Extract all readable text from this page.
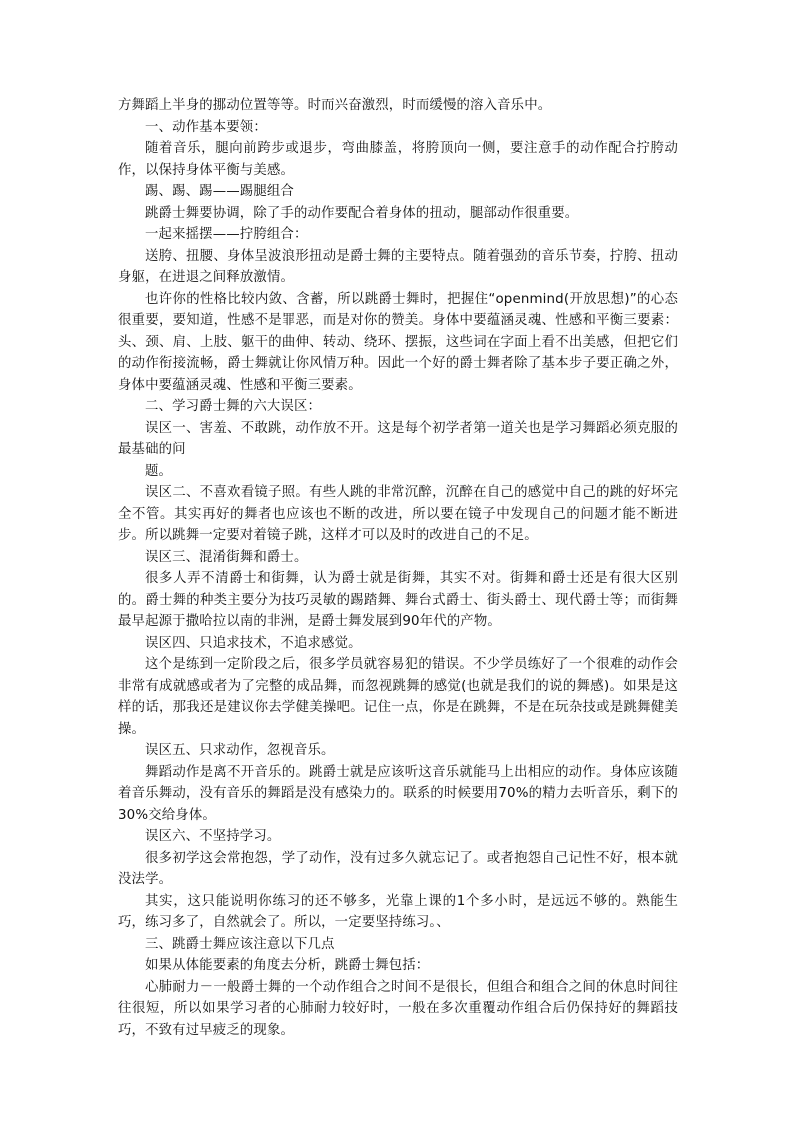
方舞蹈上半身的挪动位置等等。时而兴奋激烈，时而缓慢的溶入音乐中。

一、动作基本要领：

随着音乐，腿向前跨步或退步，弯曲膝盖，将胯顶向一侧，要注意手的动作配合拧胯动作，以保持身体平衡与美感。

踢、踢、踢——踢腿组合

跳爵士舞要协调，除了手的动作要配合着身体的扭动，腿部动作很重要。

一起来摇摆——拧胯组合：

送胯、扭腰、身体呈波浪形扭动是爵士舞的主要特点。随着强劲的音乐节奏，拧胯、扭动身躯，在进退之间释放激情。

也许你的性格比较内敛、含蓄，所以跳爵士舞时，把握住“openmind(开放思想)”的心态很重要，要知道，性感不是罪恶，而是对你的赞美。身体中要蕴涵灵魂、性感和平衡三要素：头、颈、肩、上肢、躯干的曲伸、转动、绕环、摆振，这些词在字面上看不出美感，但把它们的动作衔接流畅，爵士舞就让你风情万种。因此一个好的爵士舞者除了基本步子要正确之外，身体中要蕴涵灵魂、性感和平衡三要素。

二、学习爵士舞的六大误区：

误区一、害羞、不敢跳，动作放不开。这是每个初学者第一道关也是学习舞蹈必须克服的最基础的问

题。

误区二、不喜欢看镜子照。有些人跳的非常沉醉，沉醉在自己的感觉中自己的跳的好坏完全不管。其实再好的舞者也应该也不断的改进，所以要在镜子中发现自己的问题才能不断进步。所以跳舞一定要对着镜子跳，这样才可以及时的改进自己的不足。

误区三、混淆街舞和爵士。

很多人弄不清爵士和街舞，认为爵士就是街舞，其实不对。街舞和爵士还是有很大区别的。爵士舞的种类主要分为技巧灵敏的踢踏舞、舞台式爵士、街头爵士、现代爵士等；而街舞最早起源于撒哈拉以南的非洲，是爵士舞发展到90年代的产物。

误区四、只追求技术，不追求感觉。

这个是练到一定阶段之后，很多学员就容易犯的错误。不少学员练好了一个很难的动作会非常有成就感或者为了完整的成品舞，而忽视跳舞的感觉(也就是我们的说的舞感)。如果是这样的话，那我还是建议你去学健美操吧。记住一点，你是在跳舞，不是在玩杂技或是跳舞健美操。

误区五、只求动作，忽视音乐。

舞蹈动作是离不开音乐的。跳爵士就是应该听这音乐就能马上出相应的动作。身体应该随着音乐舞动，没有音乐的舞蹈是没有感染力的。联系的时候要用70%的精力去听音乐，剩下的30%交给身体。

误区六、不坚持学习。

很多初学这会常抱怨，学了动作，没有过多久就忘记了。或者抱怨自己记性不好，根本就没法学。

其实，这只能说明你练习的还不够多，光靠上课的1个多小时，是远远不够的。熟能生巧，练习多了，自然就会了。所以，一定要坚持练习。、

三、跳爵士舞应该注意以下几点

如果从体能要素的角度去分析，跳爵士舞包括：

心肺耐力－一般爵士舞的一个动作组合之时间不是很长，但组合和组合之间的休息时间往往很短，所以如果学习者的心肺耐力较好时，一般在多次重覆动作组合后仍保持好的舞蹈技巧，不致有过早疲乏的现象。
